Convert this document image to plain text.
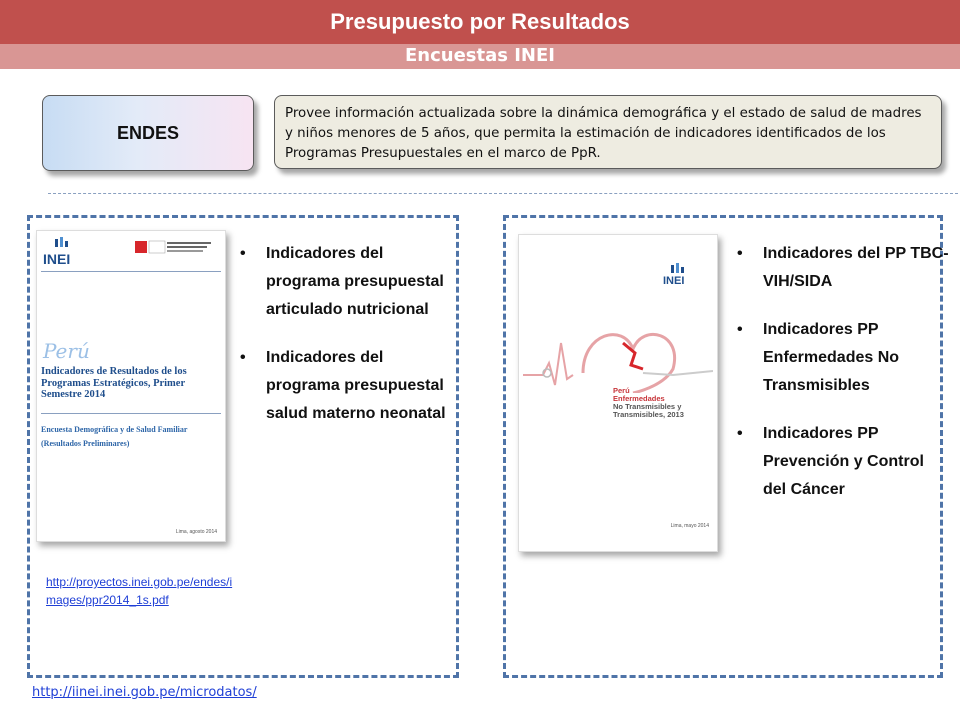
Presupuesto por Resultados
Encuestas INEI
ENDES
Provee información actualizada sobre la dinámica demográfica y el estado de salud de madres y niños menores de 5 años, que permita la estimación de indicadores identificados de los Programas Presupuestales en el marco de PpR.
INEI
Perú
Indicadores de Resultados de los Programas Estratégicos, Primer Semestre 2014
Encuesta Demográfica y de Salud Familiar (Resultados Preliminares)
Lima, agosto 2014
• Indicadores del programa presupuestal articulado nutricional
• Indicadores del programa presupuestal salud materno neonatal
http://proyectos.inei.gob.pe/endes/images/ppr2014_1s.pdf
INEI
Perú
Enfermedades
No Transmisibles y
Transmisibles, 2013
Lima, mayo 2014
• Indicadores del PP TBC-VIH/SIDA
• Indicadores PP Enfermedades No Transmisibles
• Indicadores PP Prevención y Control del Cáncer
http://iinei.inei.gob.pe/microdatos/
